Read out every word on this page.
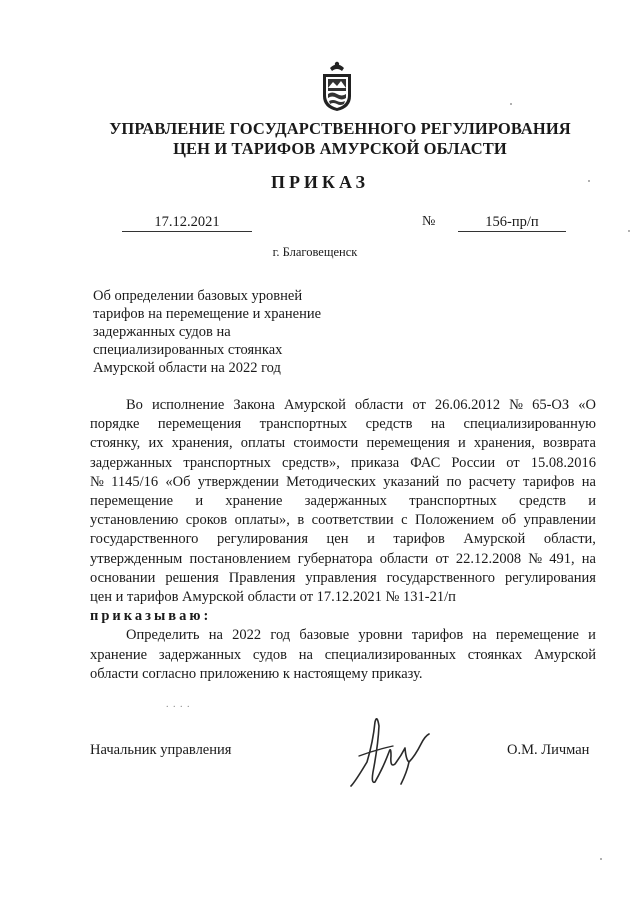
УПРАВЛЕНИЕ ГОСУДАРСТВЕННОГО РЕГУЛИРОВАНИЯ
ЦЕН И ТАРИФОВ АМУРСКОЙ ОБЛАСТИ
ПРИКАЗ
17.12.2021	№	156-пр/п
г. Благовещенск
Об определении базовых уровней
тарифов на перемещение и хранение
задержанных судов на
специализированных стоянках
Амурской области на 2022 год
Во исполнение Закона Амурской области от 26.06.2012 № 65-ОЗ «О
порядке перемещения транспортных средств на специализированную
стоянку, их хранения, оплаты стоимости перемещения и хранения, возврата
задержанных транспортных средств», приказа ФАС России от 15.08.2016
№ 1145/16 «Об утверждении Методических указаний по расчету тарифов на
перемещение и хранение задержанных транспортных средств и
установлению сроков оплаты», в соответствии с Положением об управлении
государственного регулирования цен и тарифов Амурской области,
утвержденным постановлением губернатора области от 22.12.2008 № 491, на
основании решения Правления управления государственного регулирования
цен и тарифов Амурской области от 17.12.2021 № 131-21/п
приказываю:
Определить на 2022 год базовые уровни тарифов на перемещение и
хранение задержанных судов на специализированных стоянках Амурской
области согласно приложению к настоящему приказу.
. . . .
Начальник управления	О.М. Личман
